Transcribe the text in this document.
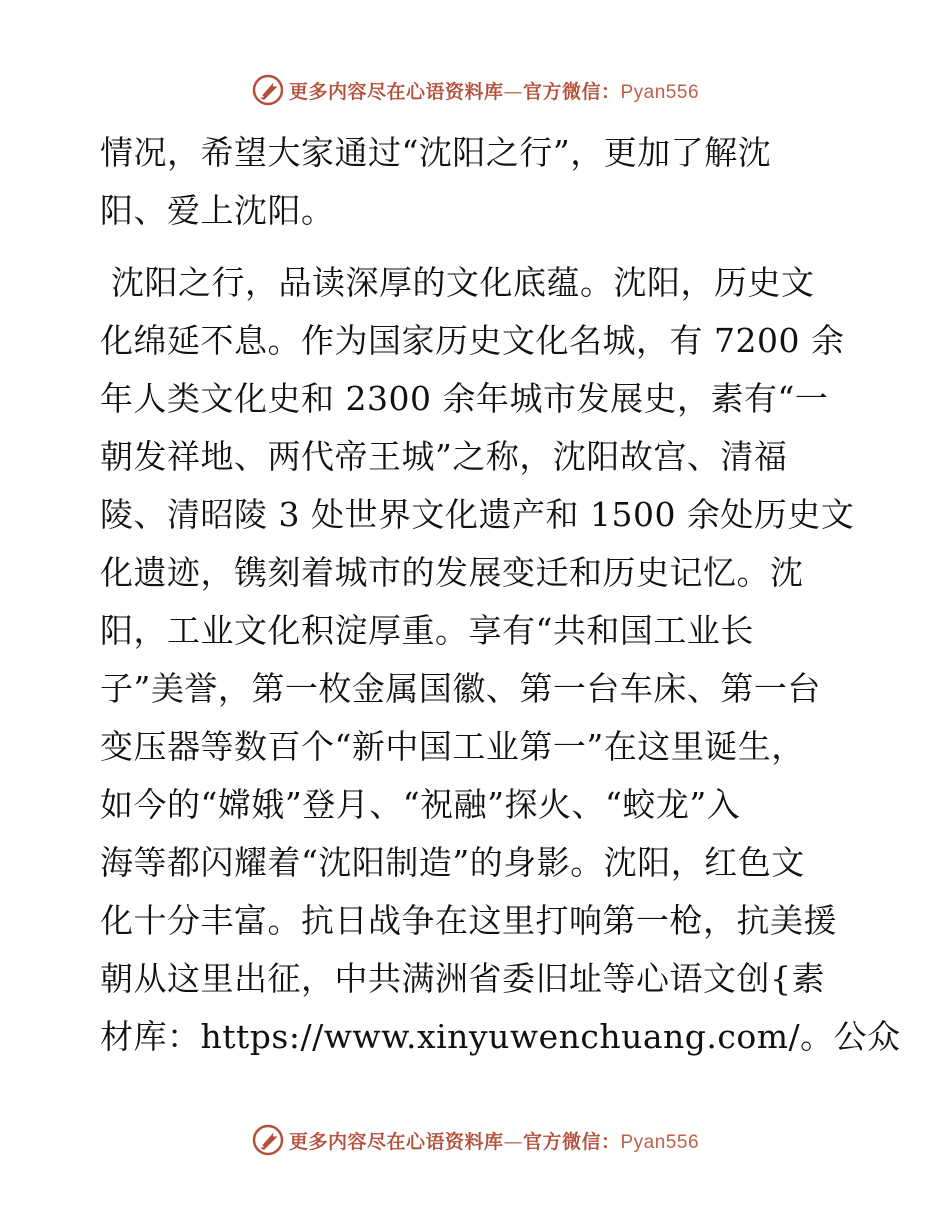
更多内容尽在心语资料库—官方微信：Pyan556
情况，希望大家通过“沈阳之行”，更加了解沈
阳、爱上沈阳。
沈阳之行，品读深厚的文化底蕴。沈阳，历史文
化绵延不息。作为国家历史文化名城，有 7200 余
年人类文化史和 2300 余年城市发展史，素有“一
朝发祥地、两代帝王城”之称，沈阳故宫、清福
陵、清昭陵 3 处世界文化遗产和 1500 余处历史文
化遗迹，镌刻着城市的发展变迁和历史记忆。沈
阳，工业文化积淀厚重。享有“共和国工业长
子”美誉，第一枚金属国徽、第一台车床、第一台
变压器等数百个“新中国工业第一”在这里诞生，
如今的“嫦娥”登月、“祝融”探火、“蛟龙”入
海等都闪耀着“沈阳制造”的身影。沈阳，红色文
化十分丰富。抗日战争在这里打响第一枪，抗美援
朝从这里出征，中共满洲省委旧址等心语文创{素
材库：https://www.xinyuwenchuang.com/。公众
更多内容尽在心语资料库—官方微信：Pyan556
